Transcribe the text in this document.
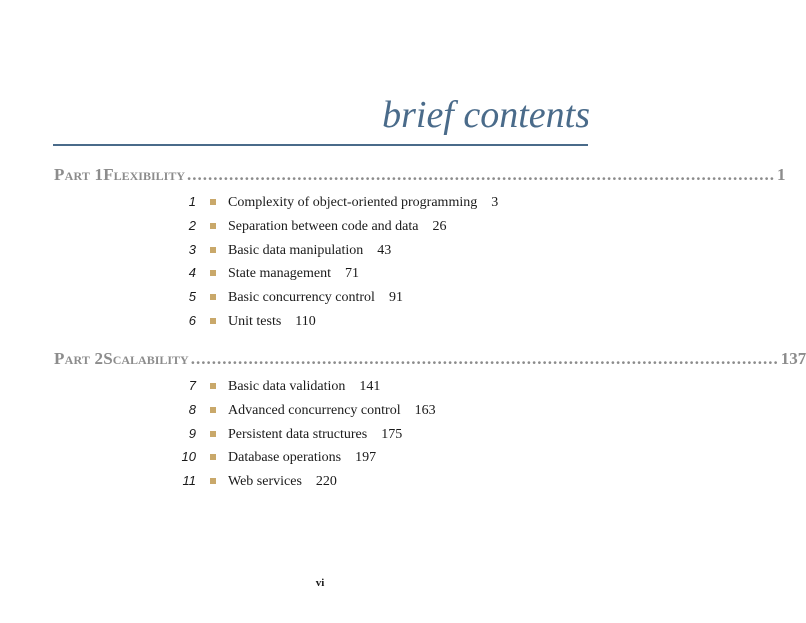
brief contents
Part 1 Flexibility ................................................................................................................ 1
1 Complexity of object-oriented programming 3
2 Separation between code and data 26
3 Basic data manipulation 43
4 State management 71
5 Basic concurrency control 91
6 Unit tests 110
Part 2 Scalability ................................................................................................................ 137
7 Basic data validation 141
8 Advanced concurrency control 163
9 Persistent data structures 175
10 Database operations 197
11 Web services 220
vi
